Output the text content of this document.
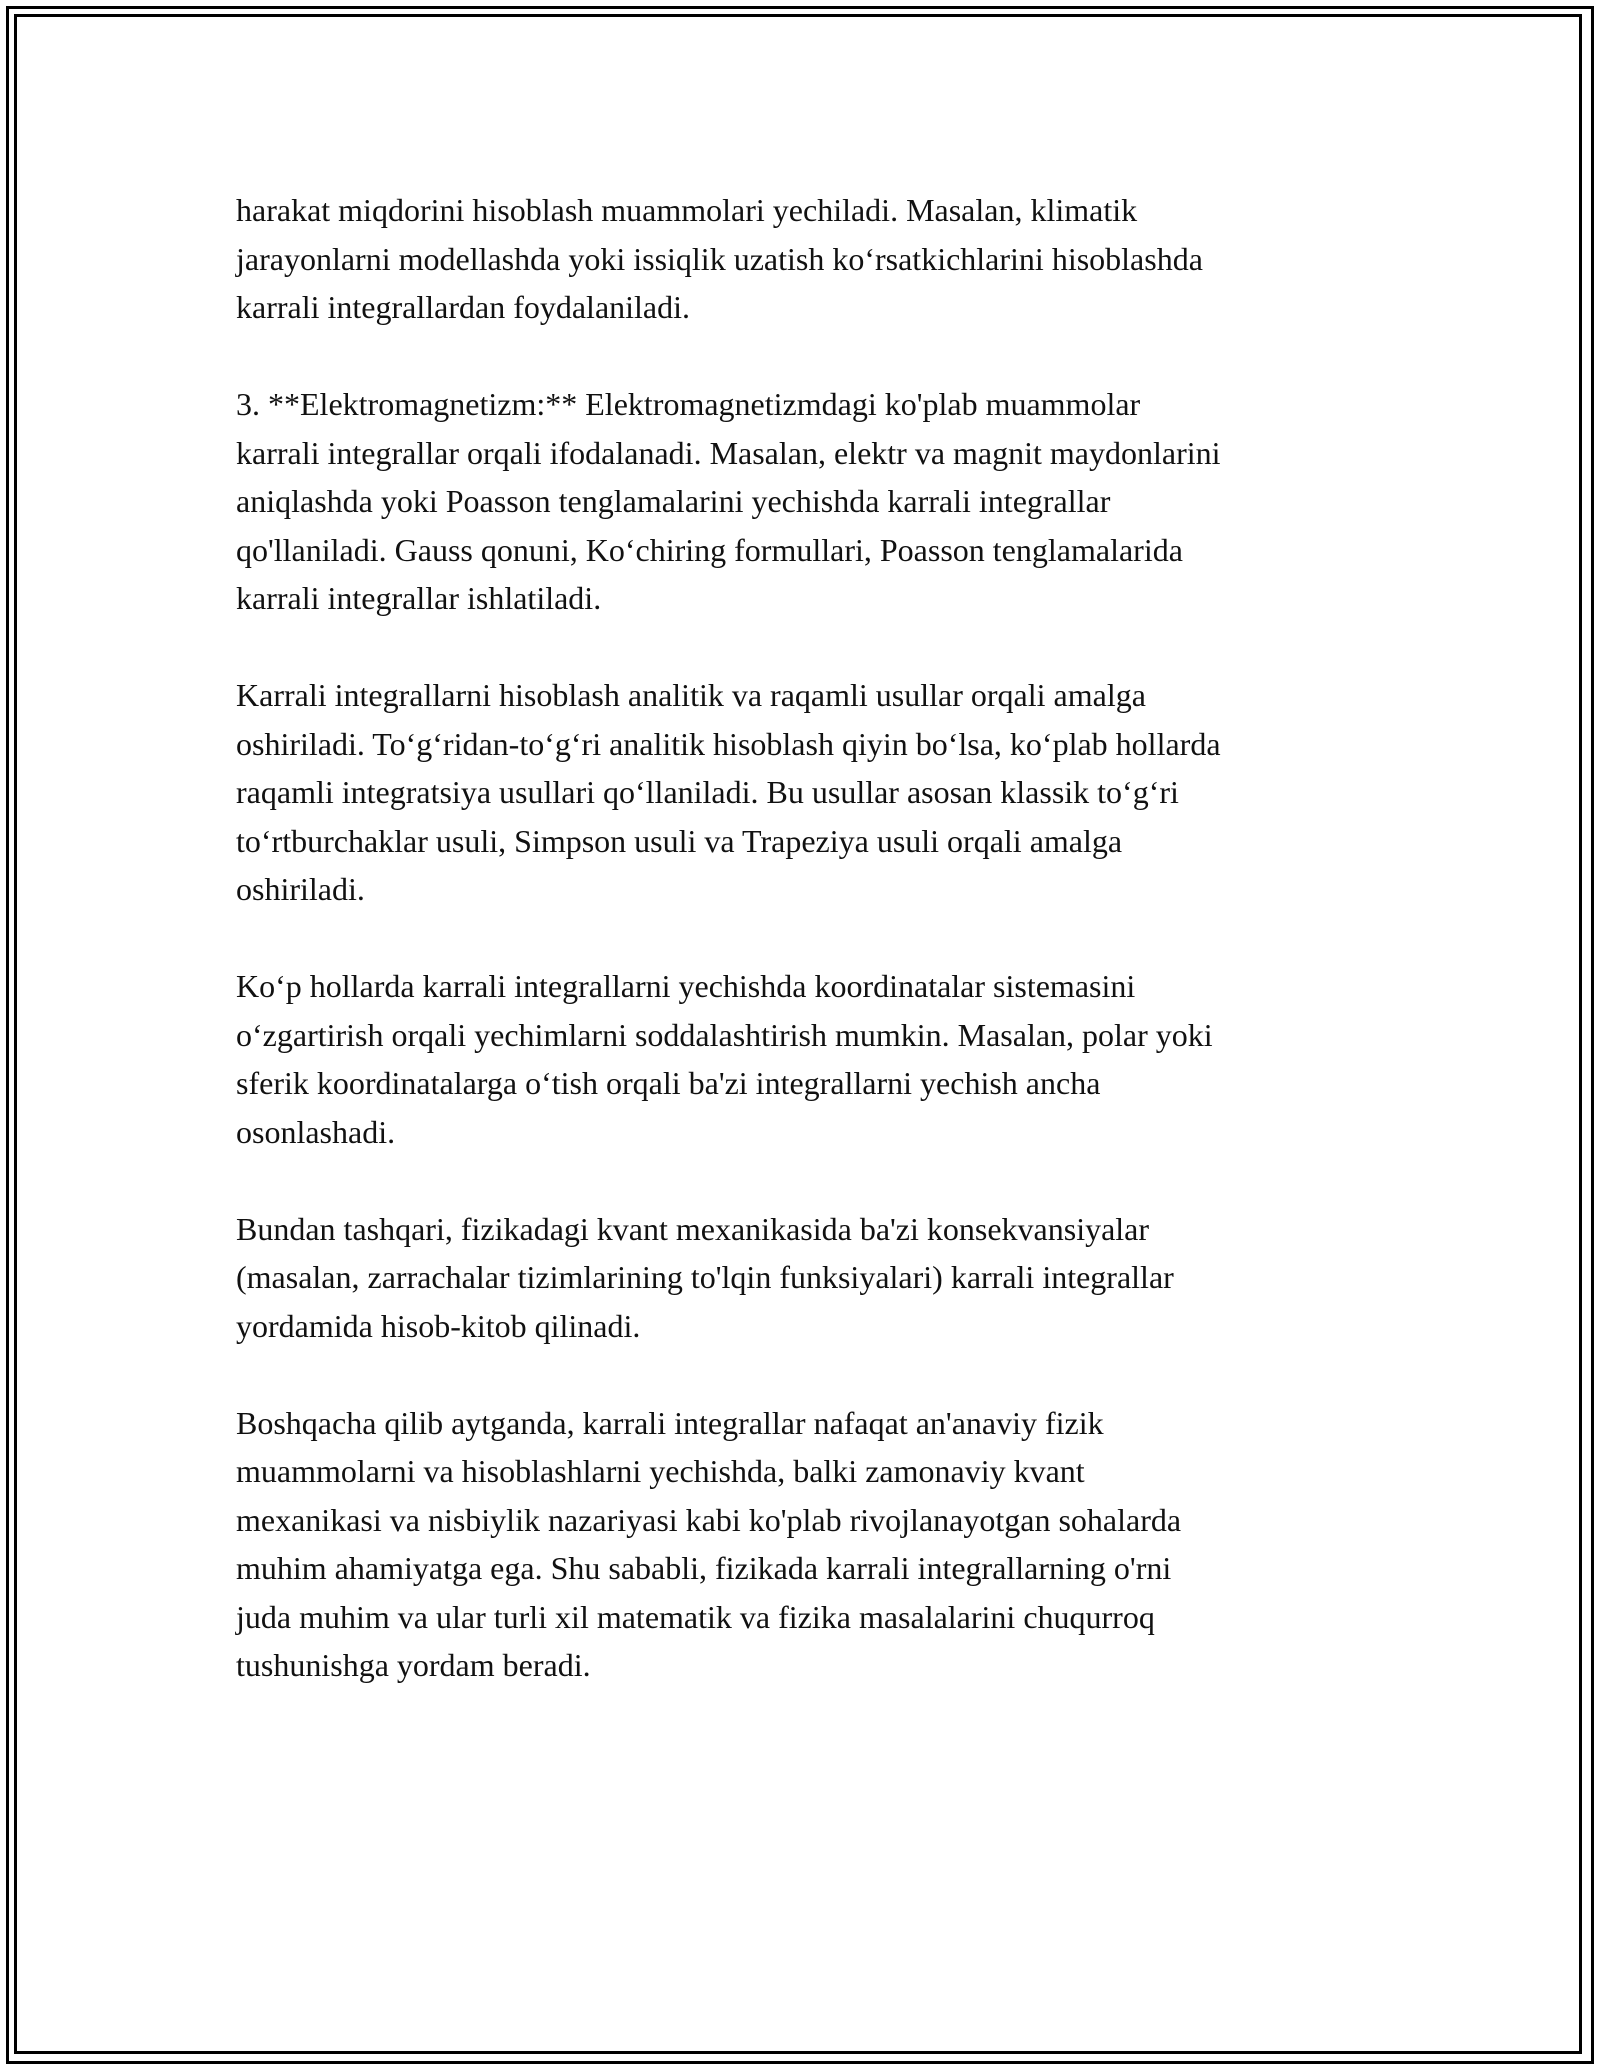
harakat miqdorini hisoblash muammolari yechiladi. Masalan, klimatik
jarayonlarni modellashda yoki issiqlik uzatish ko‘rsatkichlarini hisoblashda
karrali integrallardan foydalaniladi.

3. **Elektromagnetizm:** Elektromagnetizmdagi ko'plab muammolar
karrali integrallar orqali ifodalanadi. Masalan, elektr va magnit maydonlarini
aniqlashda yoki Poasson tenglamalarini yechishda karrali integrallar
qo'llaniladi. Gauss qonuni, Ko‘chiring formullari, Poasson tenglamalarida
karrali integrallar ishlatiladi.

Karrali integrallarni hisoblash analitik va raqamli usullar orqali amalga
oshiriladi. To‘g‘ridan-to‘g‘ri analitik hisoblash qiyin bo‘lsa, ko‘plab hollarda
raqamli integratsiya usullari qo‘llaniladi. Bu usullar asosan klassik to‘g‘ri
to‘rtburchaklar usuli, Simpson usuli va Trapeziya usuli orqali amalga
oshiriladi.

Ko‘p hollarda karrali integrallarni yechishda koordinatalar sistemasini
o‘zgartirish orqali yechimlarni soddalashtirish mumkin. Masalan, polar yoki
sferik koordinatalarga o‘tish orqali ba'zi integrallarni yechish ancha
osonlashadi.

Bundan tashqari, fizikadagi kvant mexanikasida ba'zi konsekvansiyalar
(masalan, zarrachalar tizimlarining to'lqin funksiyalari) karrali integrallar
yordamida hisob-kitob qilinadi.

Boshqacha qilib aytganda, karrali integrallar nafaqat an'anaviy fizik
muammolarni va hisoblashlarni yechishda, balki zamonaviy kvant
mexanikasi va nisbiylik nazariyasi kabi ko'plab rivojlanayotgan sohalarda
muhim ahamiyatga ega. Shu sababli, fizikada karrali integrallarning o'rni
juda muhim va ular turli xil matematik va fizika masalalarini chuqurroq
tushunishga yordam beradi.
